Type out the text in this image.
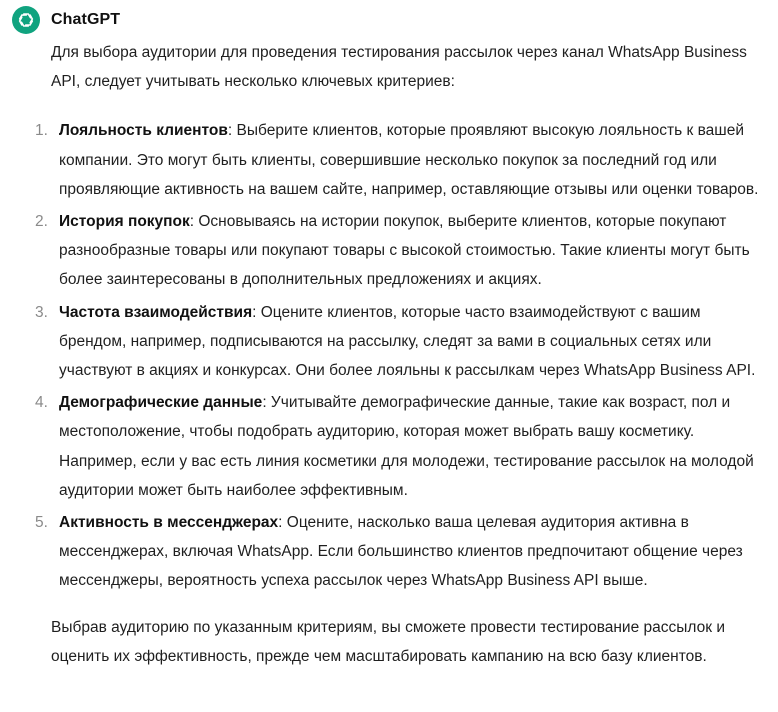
ChatGPT

Для выбора аудитории для проведения тестирования рассылок через канал WhatsApp Business API, следует учитывать несколько ключевых критериев:

1. Лояльность клиентов: Выберите клиентов, которые проявляют высокую лояльность к вашей компании. Это могут быть клиенты, совершившие несколько покупок за последний год или проявляющие активность на вашем сайте, например, оставляющие отзывы или оценки товаров.
2. История покупок: Основываясь на истории покупок, выберите клиентов, которые покупают разнообразные товары или покупают товары с высокой стоимостью. Такие клиенты могут быть более заинтересованы в дополнительных предложениях и акциях.
3. Частота взаимодействия: Оцените клиентов, которые часто взаимодействуют с вашим брендом, например, подписываются на рассылку, следят за вами в социальных сетях или участвуют в акциях и конкурсах. Они более лояльны к рассылкам через WhatsApp Business API.
4. Демографические данные: Учитывайте демографические данные, такие как возраст, пол и местоположение, чтобы подобрать аудиторию, которая может выбрать вашу косметику. Например, если у вас есть линия косметики для молодежи, тестирование рассылок на молодой аудитории может быть наиболее эффективным.
5. Активность в мессенджерах: Оцените, насколько ваша целевая аудитория активна в мессенджерах, включая WhatsApp. Если большинство клиентов предпочитают общение через мессенджеры, вероятность успеха рассылок через WhatsApp Business API выше.

Выбрав аудиторию по указанным критериям, вы сможете провести тестирование рассылок и оценить их эффективность, прежде чем масштабировать кампанию на всю базу клиентов.
